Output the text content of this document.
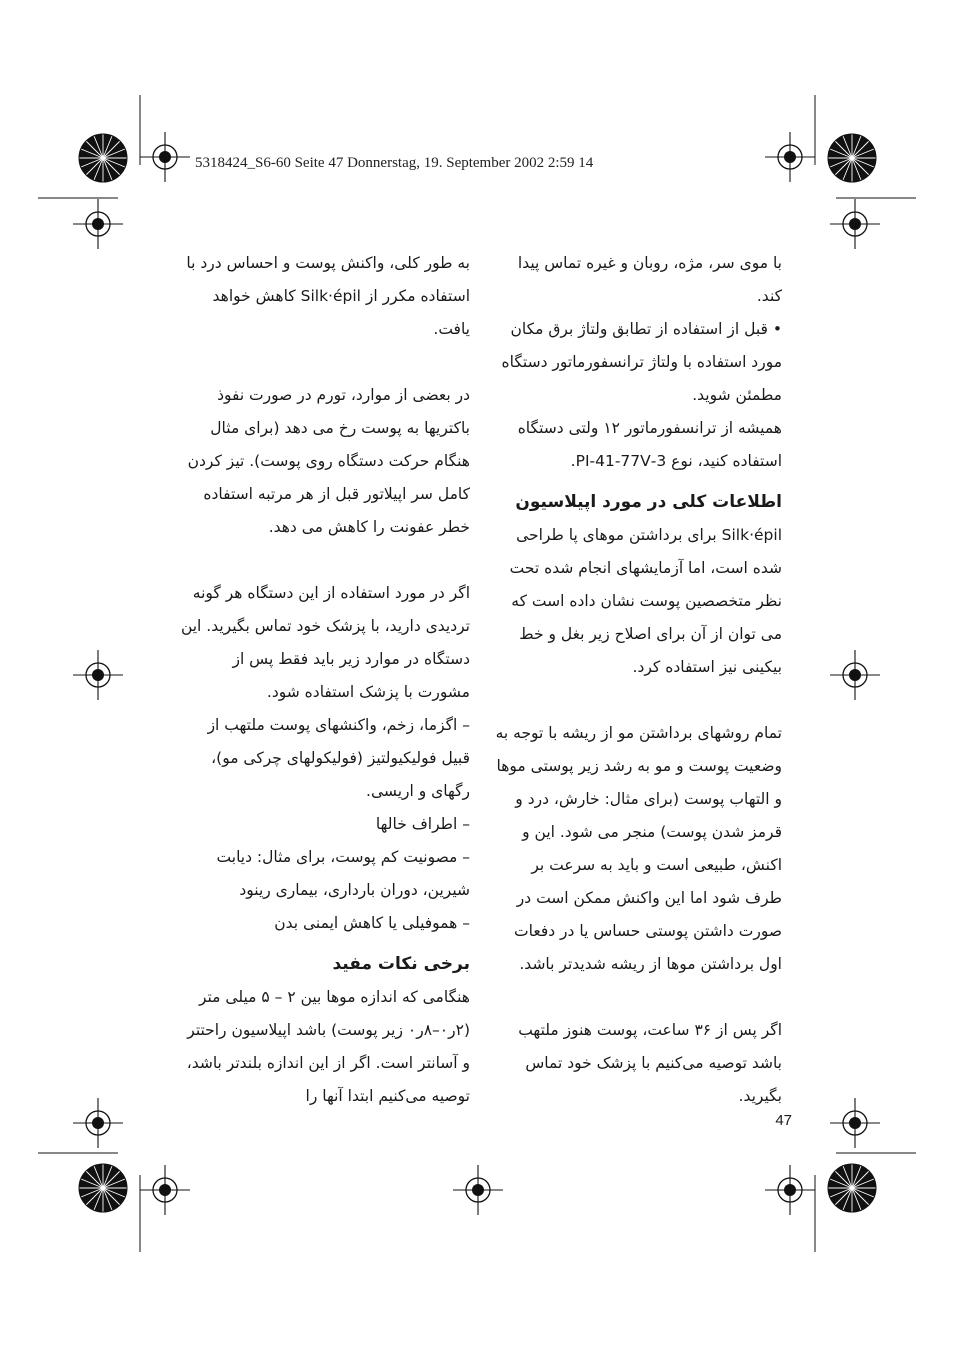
5318424_S6-60 Seite 47 Donnerstag, 19. September 2002 2:59 14

با موی سر، مژه، روبان و غیره تماس پیدا کند.

• قبل از استفاده از تطابق ولتاژ برق مکان مورد استفاده با ولتاژ ترانسفورماتور دستگاه مطمئن شوید.

همیشه از ترانسفورماتور ۱۲ ولتی دستگاه استفاده کنید، نوع 3-PI-41-77V.

اطلاعات کلی در مورد اپیلاسیون

Silk·épil برای برداشتن موهای پا طراحی شده است، اما آزمایشهای انجام شده تحت نظر متخصصین پوست نشان داده است که می توان از آن برای اصلاح زیر بغل و خط بیکینی نیز استفاده کرد.

تمام روشهای برداشتن مو از ریشه با توجه به وضعیت پوست و مو به رشد زیر پوستی موها و التهاب پوست (برای مثال: خارش، درد و قرمز شدن پوست) منجر می شود. این و اکنش، طبیعی است و باید به سرعت بر طرف شود اما این واکنش ممکن است در صورت داشتن پوستی حساس یا در دفعات اول برداشتن موها از ریشه شدیدتر باشد.

اگر پس از ۳۶ ساعت، پوست هنوز ملتهب باشد توصیه می‌کنیم با پزشک خود تماس بگیرید.

به طور کلی، واکنش پوست و احساس درد با استفاده مکرر از Silk·épil کاهش خواهد یافت.

در بعضی از موارد، تورم در صورت نفوذ باکتریها به پوست رخ می دهد (برای مثال هنگام حرکت دستگاه روی پوست). تیز کردن کامل سر اپیلاتور قبل از هر مرتبه استفاده خطر عفونت را کاهش می دهد.

اگر در مورد استفاده از این دستگاه هر گونه تردیدی دارید، با پزشک خود تماس بگیرید. این دستگاه در موارد زیر باید فقط پس از مشورت با پزشک استفاده شود.

– اگزما، زخم، واکنشهای پوست ملتهب از قبیل فولیکیولتیز (فولیکولهای چرکی مو)، رگهای و اریسی.

– اطراف خالها

– مصونیت کم پوست، برای مثال: دیابت شیرین، دوران بارداری، بیماری رینود

– هموفیلی یا کاهش ایمنی بدن

برخی نکات مفید

هنگامی که اندازه موها بین ۲ – ۵ میلی متر (۲ر۰–۸ر۰ زیر پوست) باشد اپیلاسیون راحتتر و آسانتر است. اگر از این اندازه بلندتر باشد، توصیه می‌کنیم ابتدا آنها را

47
